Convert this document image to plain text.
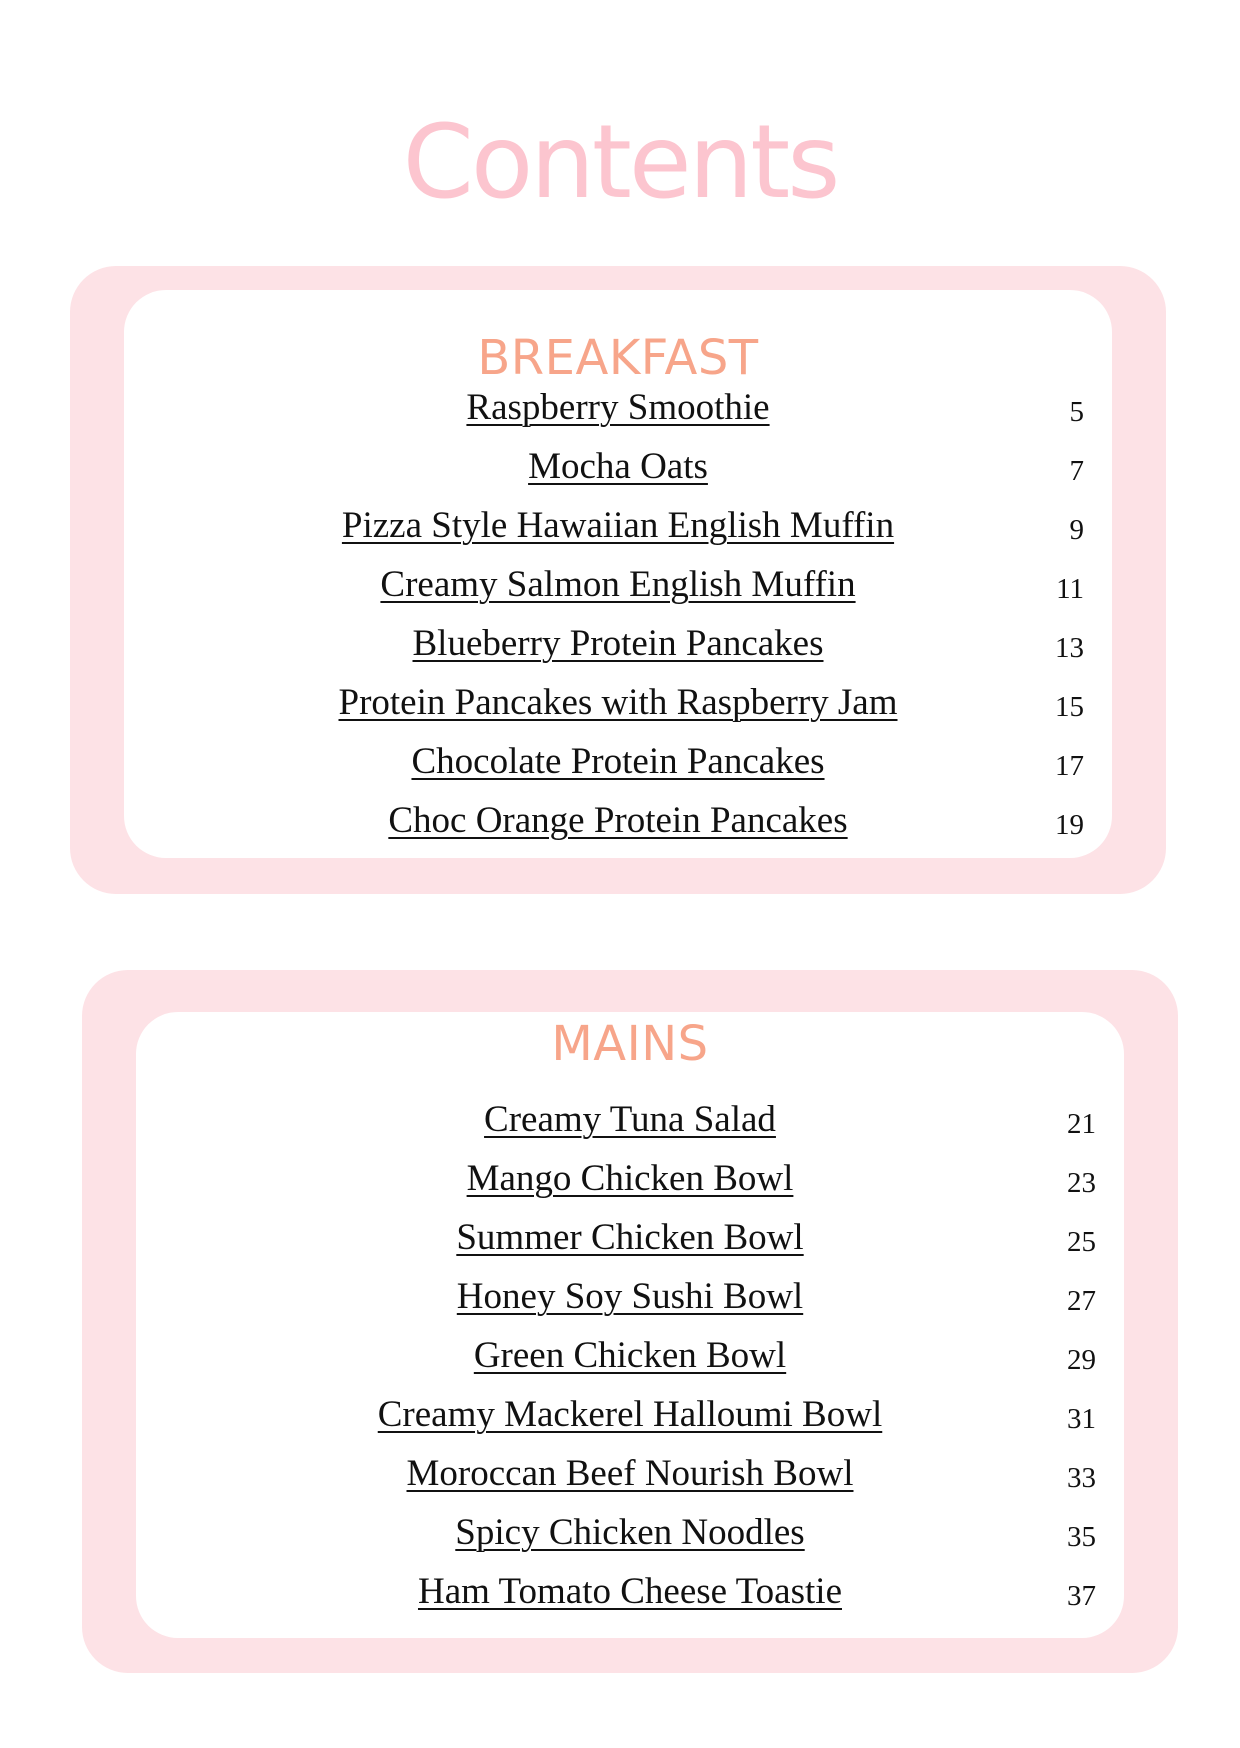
Contents
BREAKFAST
Raspberry Smoothie	5
Mocha Oats	7
Pizza Style Hawaiian English Muffin	9
Creamy Salmon English Muffin	11
Blueberry Protein Pancakes	13
Protein Pancakes with Raspberry Jam	15
Chocolate Protein Pancakes	17
Choc Orange Protein Pancakes	19
MAINS
Creamy Tuna Salad	21
Mango Chicken Bowl	23
Summer Chicken Bowl	25
Honey Soy Sushi Bowl	27
Green Chicken Bowl	29
Creamy Mackerel Halloumi Bowl	31
Moroccan Beef Nourish Bowl	33
Spicy Chicken Noodles	35
Ham Tomato Cheese Toastie	37
